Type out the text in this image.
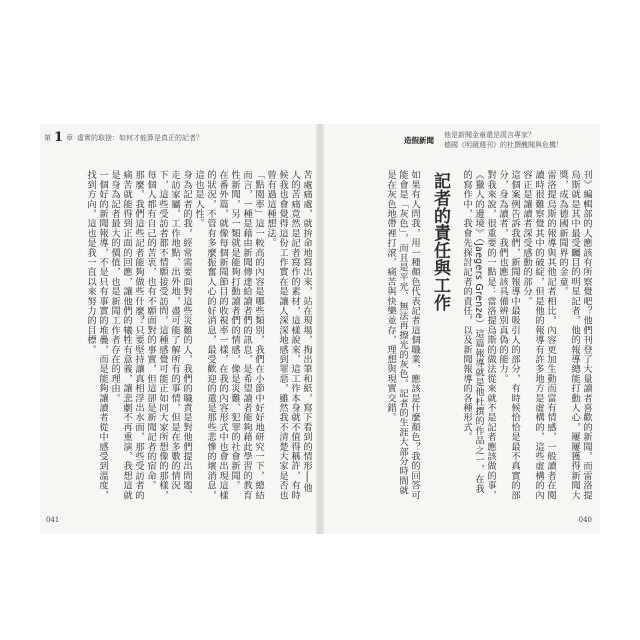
第 1 章 虛實的取捨：如何才能算是真正的記者？

苦處痛處，就拚命地寫出來，站在現場，掏出筆和紙，寫下看到的情形──他人的苦痛竟然是記者寫作的素材，這樣說來，這工作本身就不值得稱許，有時候我也會覺得這份工作實在是讓人深深地感到罪惡，雖然我不清楚大家是否也曾有過這種想法。

「點閱率」這一較高的內容是哪些類別，我們在小節中好好地研究一下，總結而言，一種是藉由新聞傳達給讀者們的訊息，是希望讀者能夠藉此學習的教育性新聞，另一類就是能夠打動讀者們的情感，像是災難、犯罪的社會新聞。

在番外篇，就像每個新聞節目的收視率一樣，在我的內容形式中也會出現這樣的狀況，不管有多麼振奮人心的好消息，最受歡迎的還是那些悲慘的壞消息，這也是人性。

身為記者的我，經常需要面對這些災難的人，我們的職責是對他們提出問題、走訪家屬，工作地點、出外地，盡可能了解所有的事情，但是在多數的情況下，這些受訪者都不情願接受訪問，這種感覺可能正如同大家所想像的那樣，每個人都有自己的苦衷，也有不願面對的事實，但這卻是新聞記者的宿命。

那麼，我們這些記者能夠做些什麼？只要堅持讓真相浮出水面，那些受訪者的痛苦就能得到正面的回應，讓他們的犧牲有意義，讓悲劇不再重演，我想這就是身為記者最大的價值，也是新聞工作者存在的理由。

一個好的新聞報導，不是只有事實的堆疊，而是能夠讓讀者從中感受到溫度，找到方向，這也是我一直以來努力的目標。

041
造假新聞
他是新聞金童還是謊言專家？
德國《明鏡週刊》的杜撰醜聞與危機！

刊》編輯部的人應該有所察覺吧？他們刊登了大量讀者喜歡的新聞，而雷洛提烏斯就是其中最受矚目的明星記者，他的報導總能打動人心，屢屢獲得新聞大獎，成為德國新聞界的金童。

雷洛提烏斯的報導與其他記者相比，內容更加生動而富有情感，一般讀者在閱讀時很難察覺其中的破綻，但是他的報導有許多地方是虛構的，這些虛構的內容正是讓讀者深受感動的部分。

這個案例告訴我們，新聞報導中最吸引人的部分，有時候恰恰是最不真實的部分，身為讀者，我們也應該具備辨別真偽的能力。

對我來說，很重要的一點是：當洛提烏斯的做法從來就不是記者應該做的事，《獵人的邊境》（Jaegers Grenze）這篇報導就是他杜撰的作品之一，在我的寫作中，我會先探討記者的責任，以及新聞報導的各種形式。

記者的責任與工作

如果有人問我，用一種顏色代表記者這個職業，應該是什麼顏色？我的回答可能會是「灰色」，而且是平光、無法再擦光的灰色。記者的生涯大部分時間就是在灰色地帶裡打滾，痛苦與快樂並存，理想與現實交錯。

040
